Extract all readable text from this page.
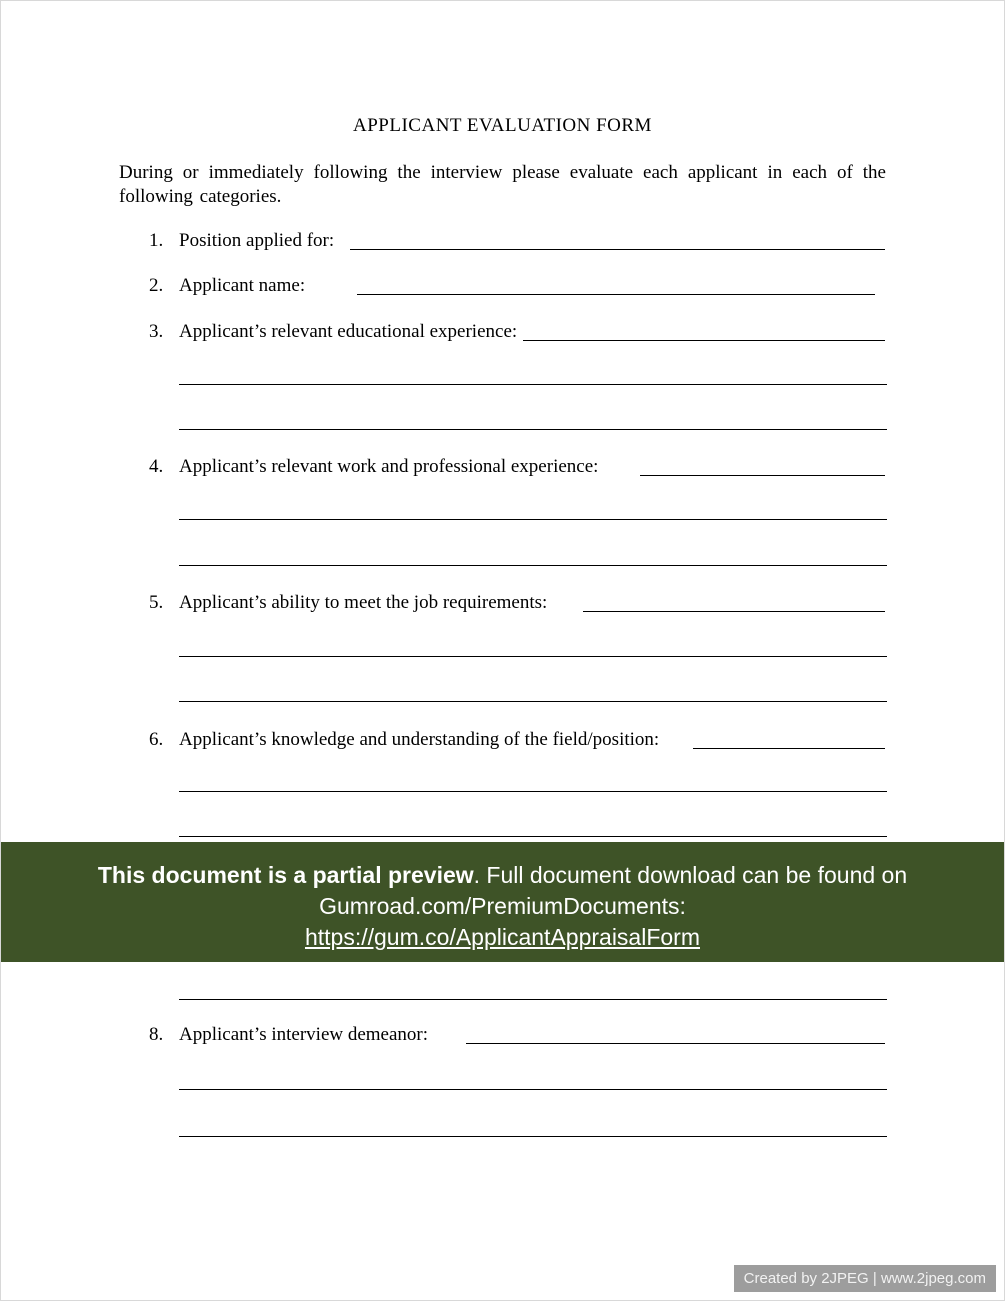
APPLICANT EVALUATION FORM
During or immediately following the interview please evaluate each applicant in each of the following categories.
1. Position applied for:
2. Applicant name:
3. Applicant’s relevant educational experience:
4. Applicant’s relevant work and professional experience:
5. Applicant’s ability to meet the job requirements:
6. Applicant’s knowledge and understanding of the field/position:
This document is a partial preview. Full document download can be found on
Gumroad.com/PremiumDocuments:
https://gum.co/ApplicantAppraisalForm
8. Applicant’s interview demeanor:
Created by 2JPEG | www.2jpeg.com
